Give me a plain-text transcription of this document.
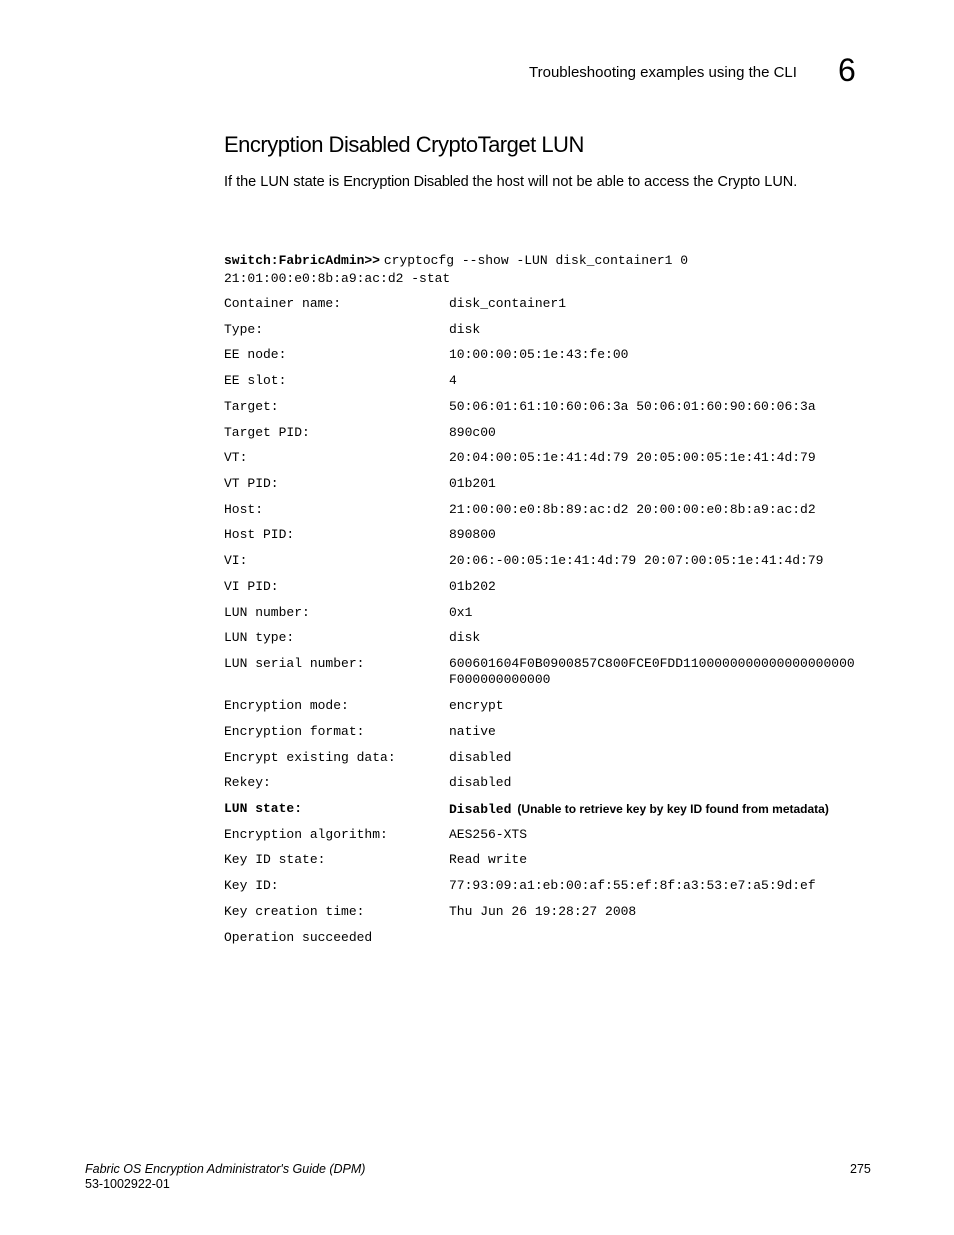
Troubleshooting examples using the CLI 6
Encryption Disabled CryptoTarget LUN
If the LUN state is Encryption Disabled the host will not be able to access the Crypto LUN.
switch:FabricAdmin>> cryptocfg --show -LUN disk_container1 0
21:01:00:e0:8b:a9:ac:d2 -stat
Container name:	disk_container1
Type:	disk
EE node:	10:00:00:05:1e:43:fe:00
EE slot:	4
Target:	50:06:01:61:10:60:06:3a 50:06:01:60:90:60:06:3a
Target PID:	890c00
VT:	20:04:00:05:1e:41:4d:79 20:05:00:05:1e:41:4d:79
VT PID:	01b201
Host:	21:00:00:e0:8b:89:ac:d2 20:00:00:e0:8b:a9:ac:d2
Host PID:	890800
VI:	20:06:-00:05:1e:41:4d:79 20:07:00:05:1e:41:4d:79
VI PID:	01b202
LUN number:	0x1
LUN type:	disk
LUN serial number:	600601604F0B0900857C800FCE0FDD1100000000000000000000
F000000000000
Encryption mode:	encrypt
Encryption format:	native
Encrypt existing data:	disabled
Rekey:	disabled
LUN state:	Disabled (Unable to retrieve key by key ID found from metadata)
Encryption algorithm:	AES256-XTS
Key ID state:	Read write
Key ID:	77:93:09:a1:eb:00:af:55:ef:8f:a3:53:e7:a5:9d:ef
Key creation time:	Thu Jun 26 19:28:27 2008
Operation succeeded
Fabric OS Encryption Administrator's Guide (DPM)
53-1002922-01
275
